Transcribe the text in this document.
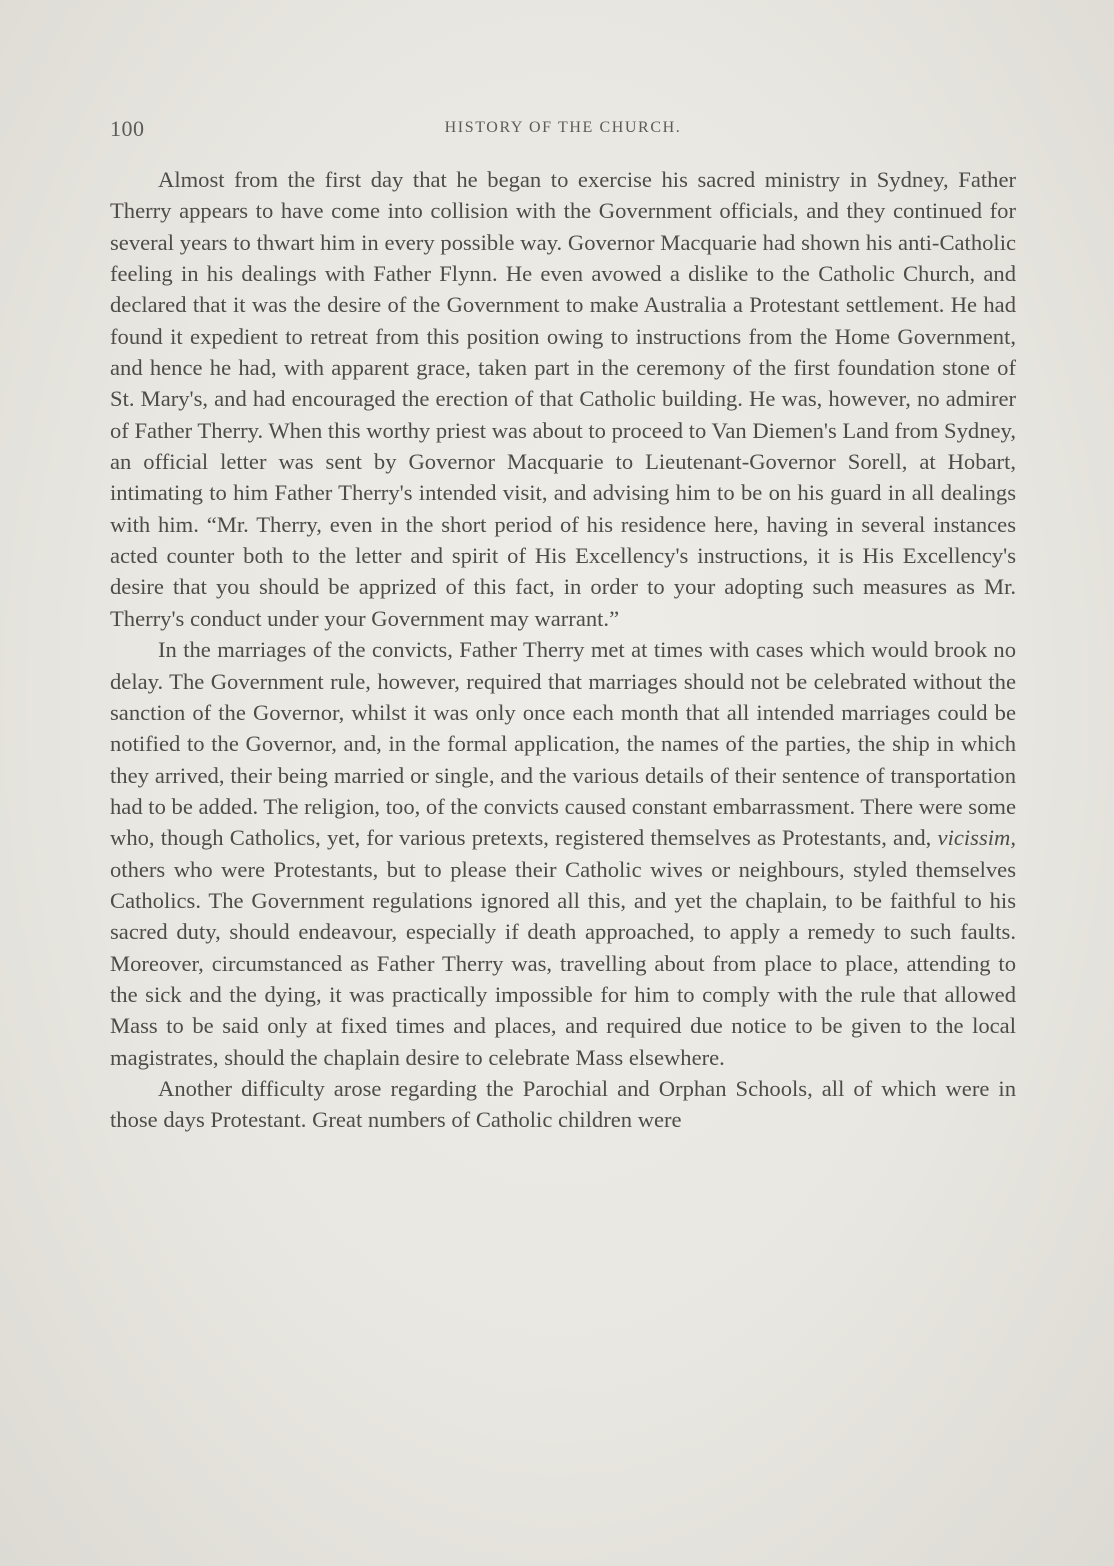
100	HISTORY OF THE CHURCH.

Almost from the first day that he began to exercise his sacred ministry in Sydney, Father Therry appears to have come into collision with the Government officials, and they continued for several years to thwart him in every possible way. Governor Macquarie had shown his anti-Catholic feeling in his dealings with Father Flynn. He even avowed a dislike to the Catholic Church, and declared that it was the desire of the Government to make Australia a Protestant settlement. He had found it expedient to retreat from this position owing to instructions from the Home Government, and hence he had, with apparent grace, taken part in the ceremony of the first foundation stone of St. Mary's, and had encouraged the erection of that Catholic building. He was, however, no admirer of Father Therry. When this worthy priest was about to proceed to Van Diemen's Land from Sydney, an official letter was sent by Governor Macquarie to Lieutenant-Governor Sorell, at Hobart, intimating to him Father Therry's intended visit, and advising him to be on his guard in all dealings with him. “Mr. Therry, even in the short period of his residence here, having in several instances acted counter both to the letter and spirit of His Excellency's instructions, it is His Excellency's desire that you should be apprized of this fact, in order to your adopting such measures as Mr. Therry's conduct under your Government may warrant.”

In the marriages of the convicts, Father Therry met at times with cases which would brook no delay. The Government rule, however, required that marriages should not be celebrated without the sanction of the Governor, whilst it was only once each month that all intended marriages could be notified to the Governor, and, in the formal application, the names of the parties, the ship in which they arrived, their being married or single, and the various details of their sentence of transportation had to be added. The religion, too, of the convicts caused constant embarrassment. There were some who, though Catholics, yet, for various pretexts, registered themselves as Protestants, and, vicissim, others who were Protestants, but to please their Catholic wives or neighbours, styled themselves Catholics. The Government regulations ignored all this, and yet the chaplain, to be faithful to his sacred duty, should endeavour, especially if death approached, to apply a remedy to such faults. Moreover, circumstanced as Father Therry was, travelling about from place to place, attending to the sick and the dying, it was practically impossible for him to comply with the rule that allowed Mass to be said only at fixed times and places, and required due notice to be given to the local magistrates, should the chaplain desire to celebrate Mass elsewhere.

Another difficulty arose regarding the Parochial and Orphan Schools, all of which were in those days Protestant. Great numbers of Catholic children were
